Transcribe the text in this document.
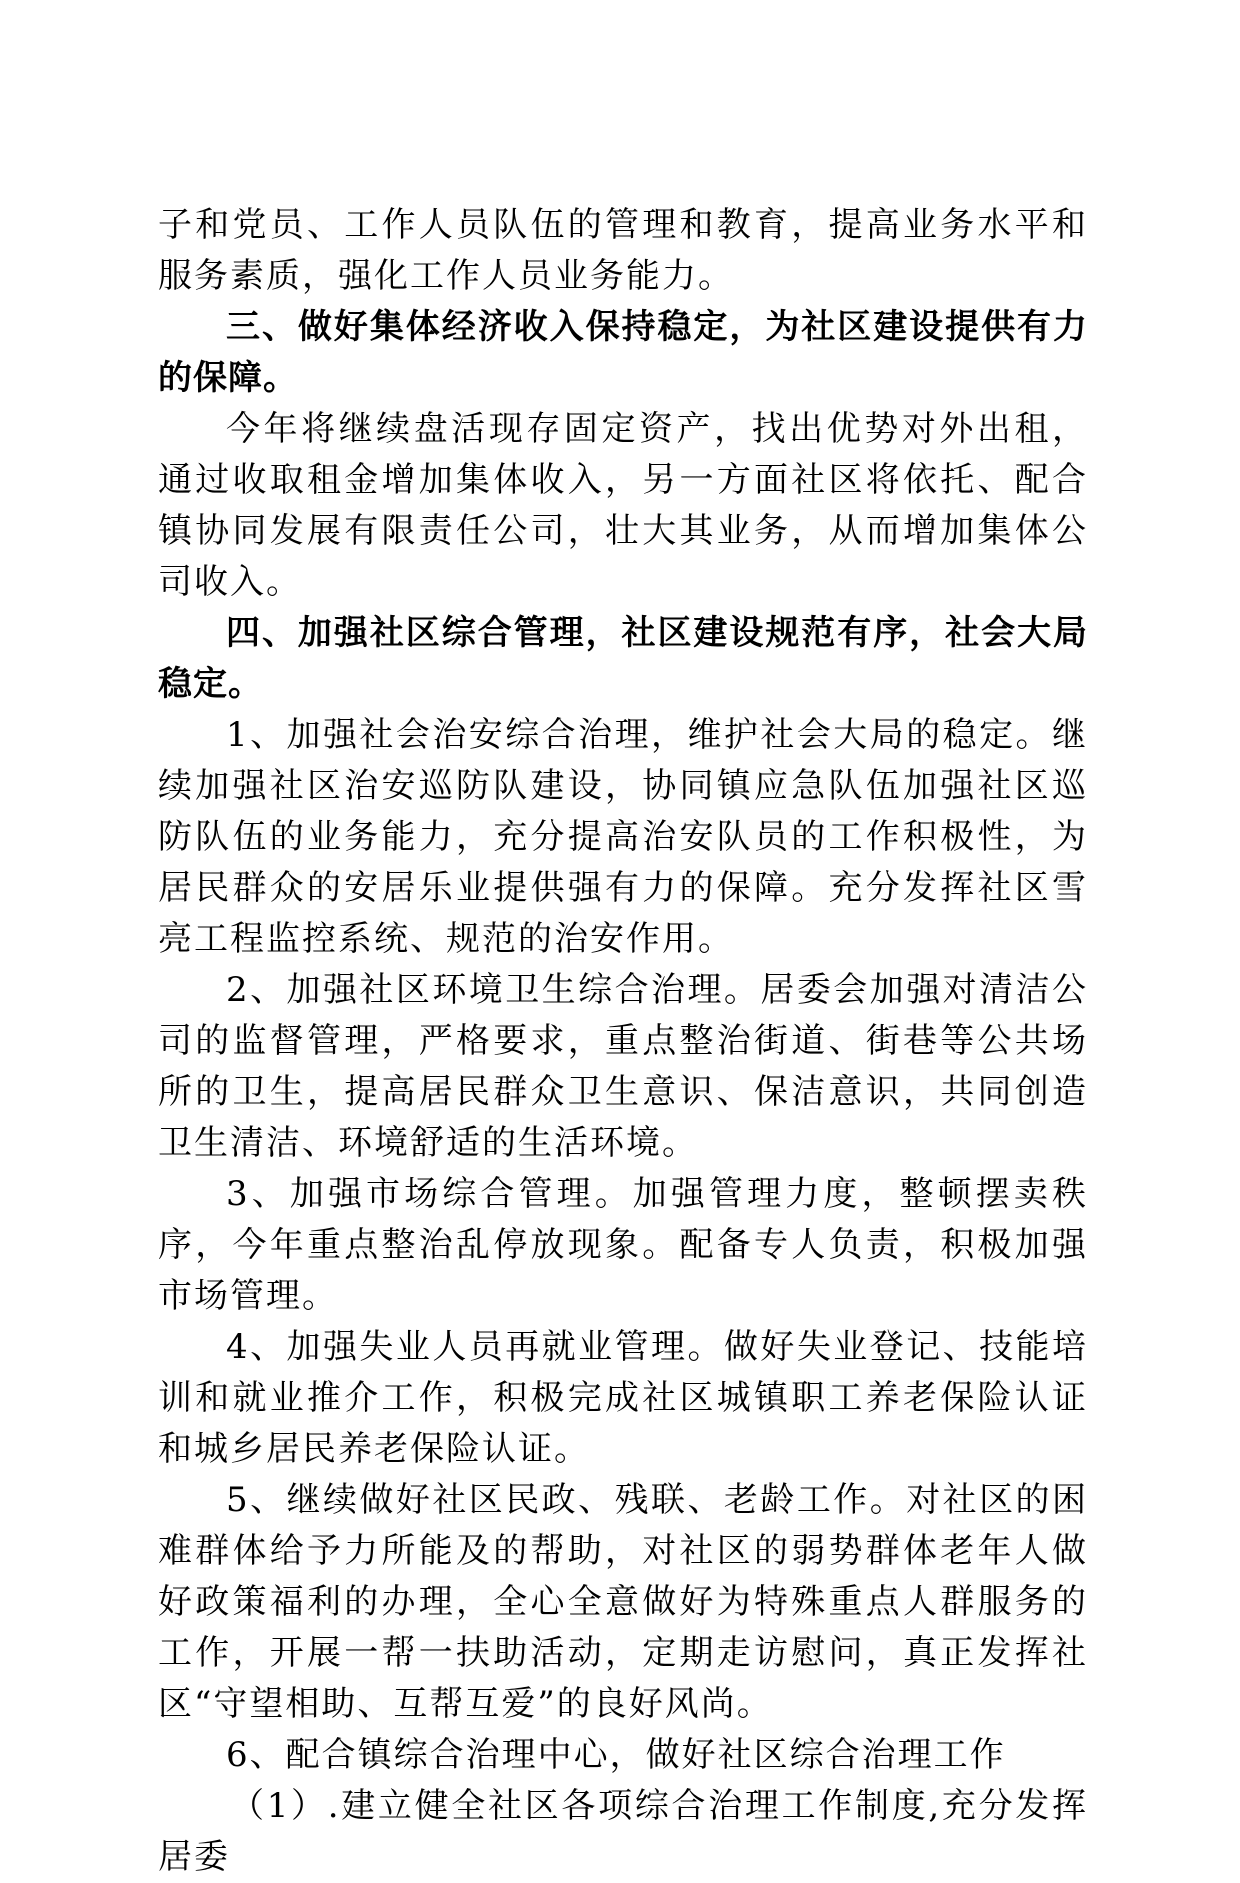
子和党员、工作人员队伍的管理和教育，提高业务水平和服务素质，强化工作人员业务能力。

三、做好集体经济收入保持稳定，为社区建设提供有力的保障。

今年将继续盘活现存固定资产，找出优势对外出租，通过收取租金增加集体收入，另一方面社区将依托、配合镇协同发展有限责任公司，壮大其业务，从而增加集体公司收入。

四、加强社区综合管理，社区建设规范有序，社会大局稳定。

1、加强社会治安综合治理，维护社会大局的稳定。继续加强社区治安巡防队建设，协同镇应急队伍加强社区巡防队伍的业务能力，充分提高治安队员的工作积极性，为居民群众的安居乐业提供强有力的保障。充分发挥社区雪亮工程监控系统、规范的治安作用。

2、加强社区环境卫生综合治理。居委会加强对清洁公司的监督管理，严格要求，重点整治街道、街巷等公共场所的卫生，提高居民群众卫生意识、保洁意识，共同创造卫生清洁、环境舒适的生活环境。

3、加强市场综合管理。加强管理力度，整顿摆卖秩序，今年重点整治乱停放现象。配备专人负责，积极加强市场管理。

4、加强失业人员再就业管理。做好失业登记、技能培训和就业推介工作，积极完成社区城镇职工养老保险认证和城乡居民养老保险认证。

5、继续做好社区民政、残联、老龄工作。对社区的困难群体给予力所能及的帮助，对社区的弱势群体老年人做好政策福利的办理，全心全意做好为特殊重点人群服务的工作，开展一帮一扶助活动，定期走访慰问，真正发挥社区“守望相助、互帮互爱”的良好风尚。

6、配合镇综合治理中心，做好社区综合治理工作

（1）.建立健全社区各项综合治理工作制度,充分发挥居委
